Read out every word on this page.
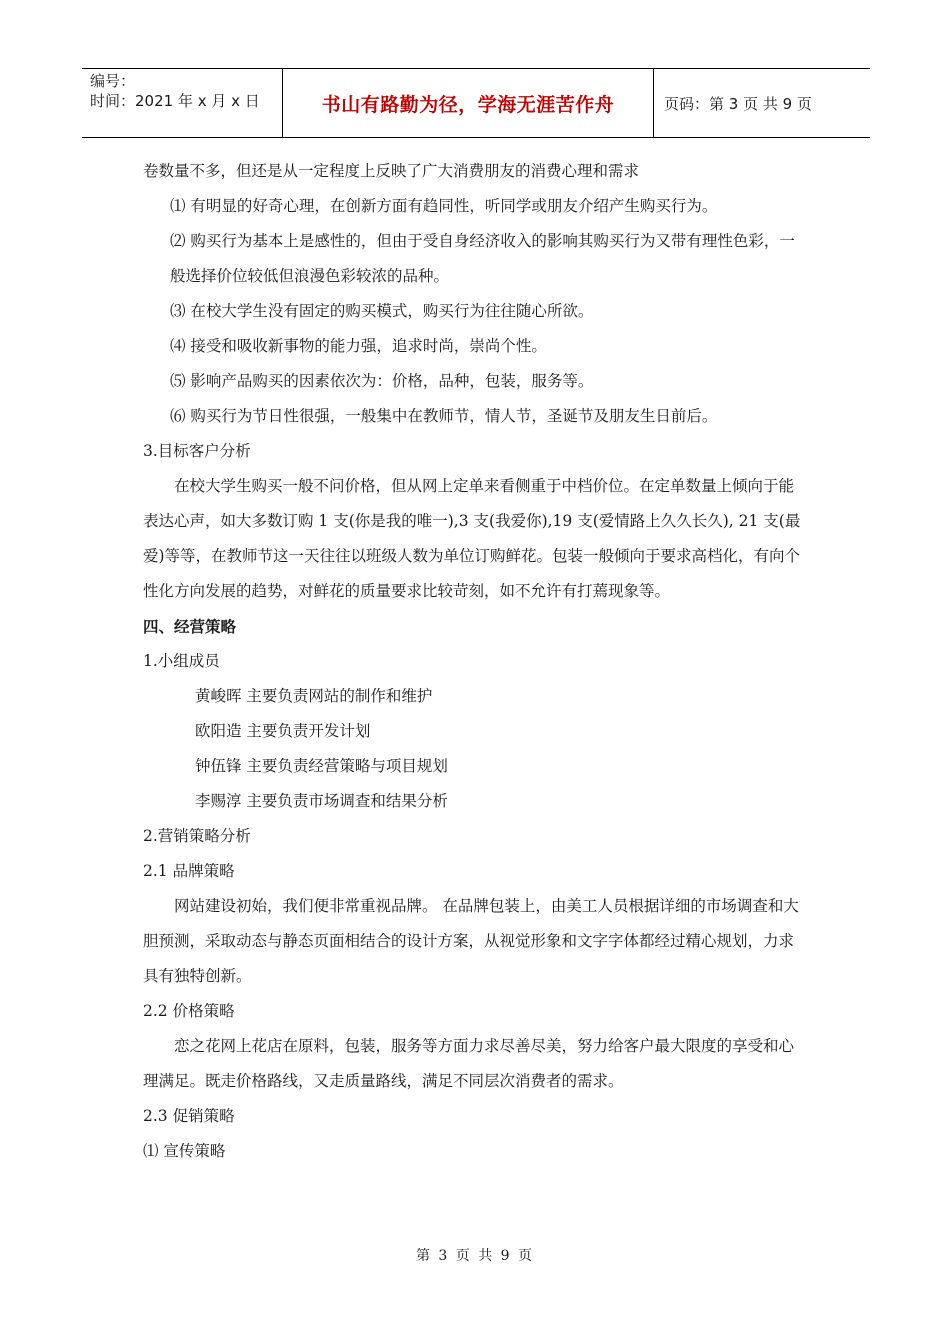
编号：
时间：2021 年 x 月 x 日	书山有路勤为径，学海无涯苦作舟	页码：第 3 页 共 9 页

卷数量不多，但还是从一定程度上反映了广大消费朋友的消费心理和需求

⑴ 有明显的好奇心理，在创新方面有趋同性，听同学或朋友介绍产生购买行为。

⑵ 购买行为基本上是感性的，但由于受自身经济收入的影响其购买行为又带有理性色彩，一般选择价位较低但浪漫色彩较浓的品种。

⑶ 在校大学生没有固定的购买模式，购买行为往往随心所欲。

⑷ 接受和吸收新事物的能力强，追求时尚，崇尚个性。

⑸ 影响产品购买的因素依次为：价格，品种，包装，服务等。

⑹ 购买行为节日性很强，一般集中在教师节，情人节，圣诞节及朋友生日前后。

3.目标客户分析

在校大学生购买一般不问价格，但从网上定单来看侧重于中档价位。在定单数量上倾向于能表达心声，如大多数订购 1 支(你是我的唯一),3 支(我爱你),19 支(爱情路上久久长久), 21 支(最爱)等等，在教师节这一天往往以班级人数为单位订购鲜花。包装一般倾向于要求高档化，有向个性化方向发展的趋势，对鲜花的质量要求比较苛刻，如不允许有打蔫现象等。

四、经营策略

1.小组成员

黄峻晖 主要负责网站的制作和维护

欧阳造 主要负责开发计划

钟伍锋 主要负责经营策略与项目规划

李赐淳 主要负责市场调查和结果分析

2.营销策略分析

2.1 品牌策略

网站建设初始，我们便非常重视品牌。 在品牌包装上，由美工人员根据详细的市场调查和大胆预测，采取动态与静态页面相结合的设计方案，从视觉形象和文字字体都经过精心规划，力求具有独特创新。

2.2 价格策略

恋之花网上花店在原料，包装，服务等方面力求尽善尽美，努力给客户最大限度的享受和心理满足。既走价格路线，又走质量路线，满足不同层次消费者的需求。

2.3 促销策略

⑴ 宣传策略

第 3 页 共 9 页
